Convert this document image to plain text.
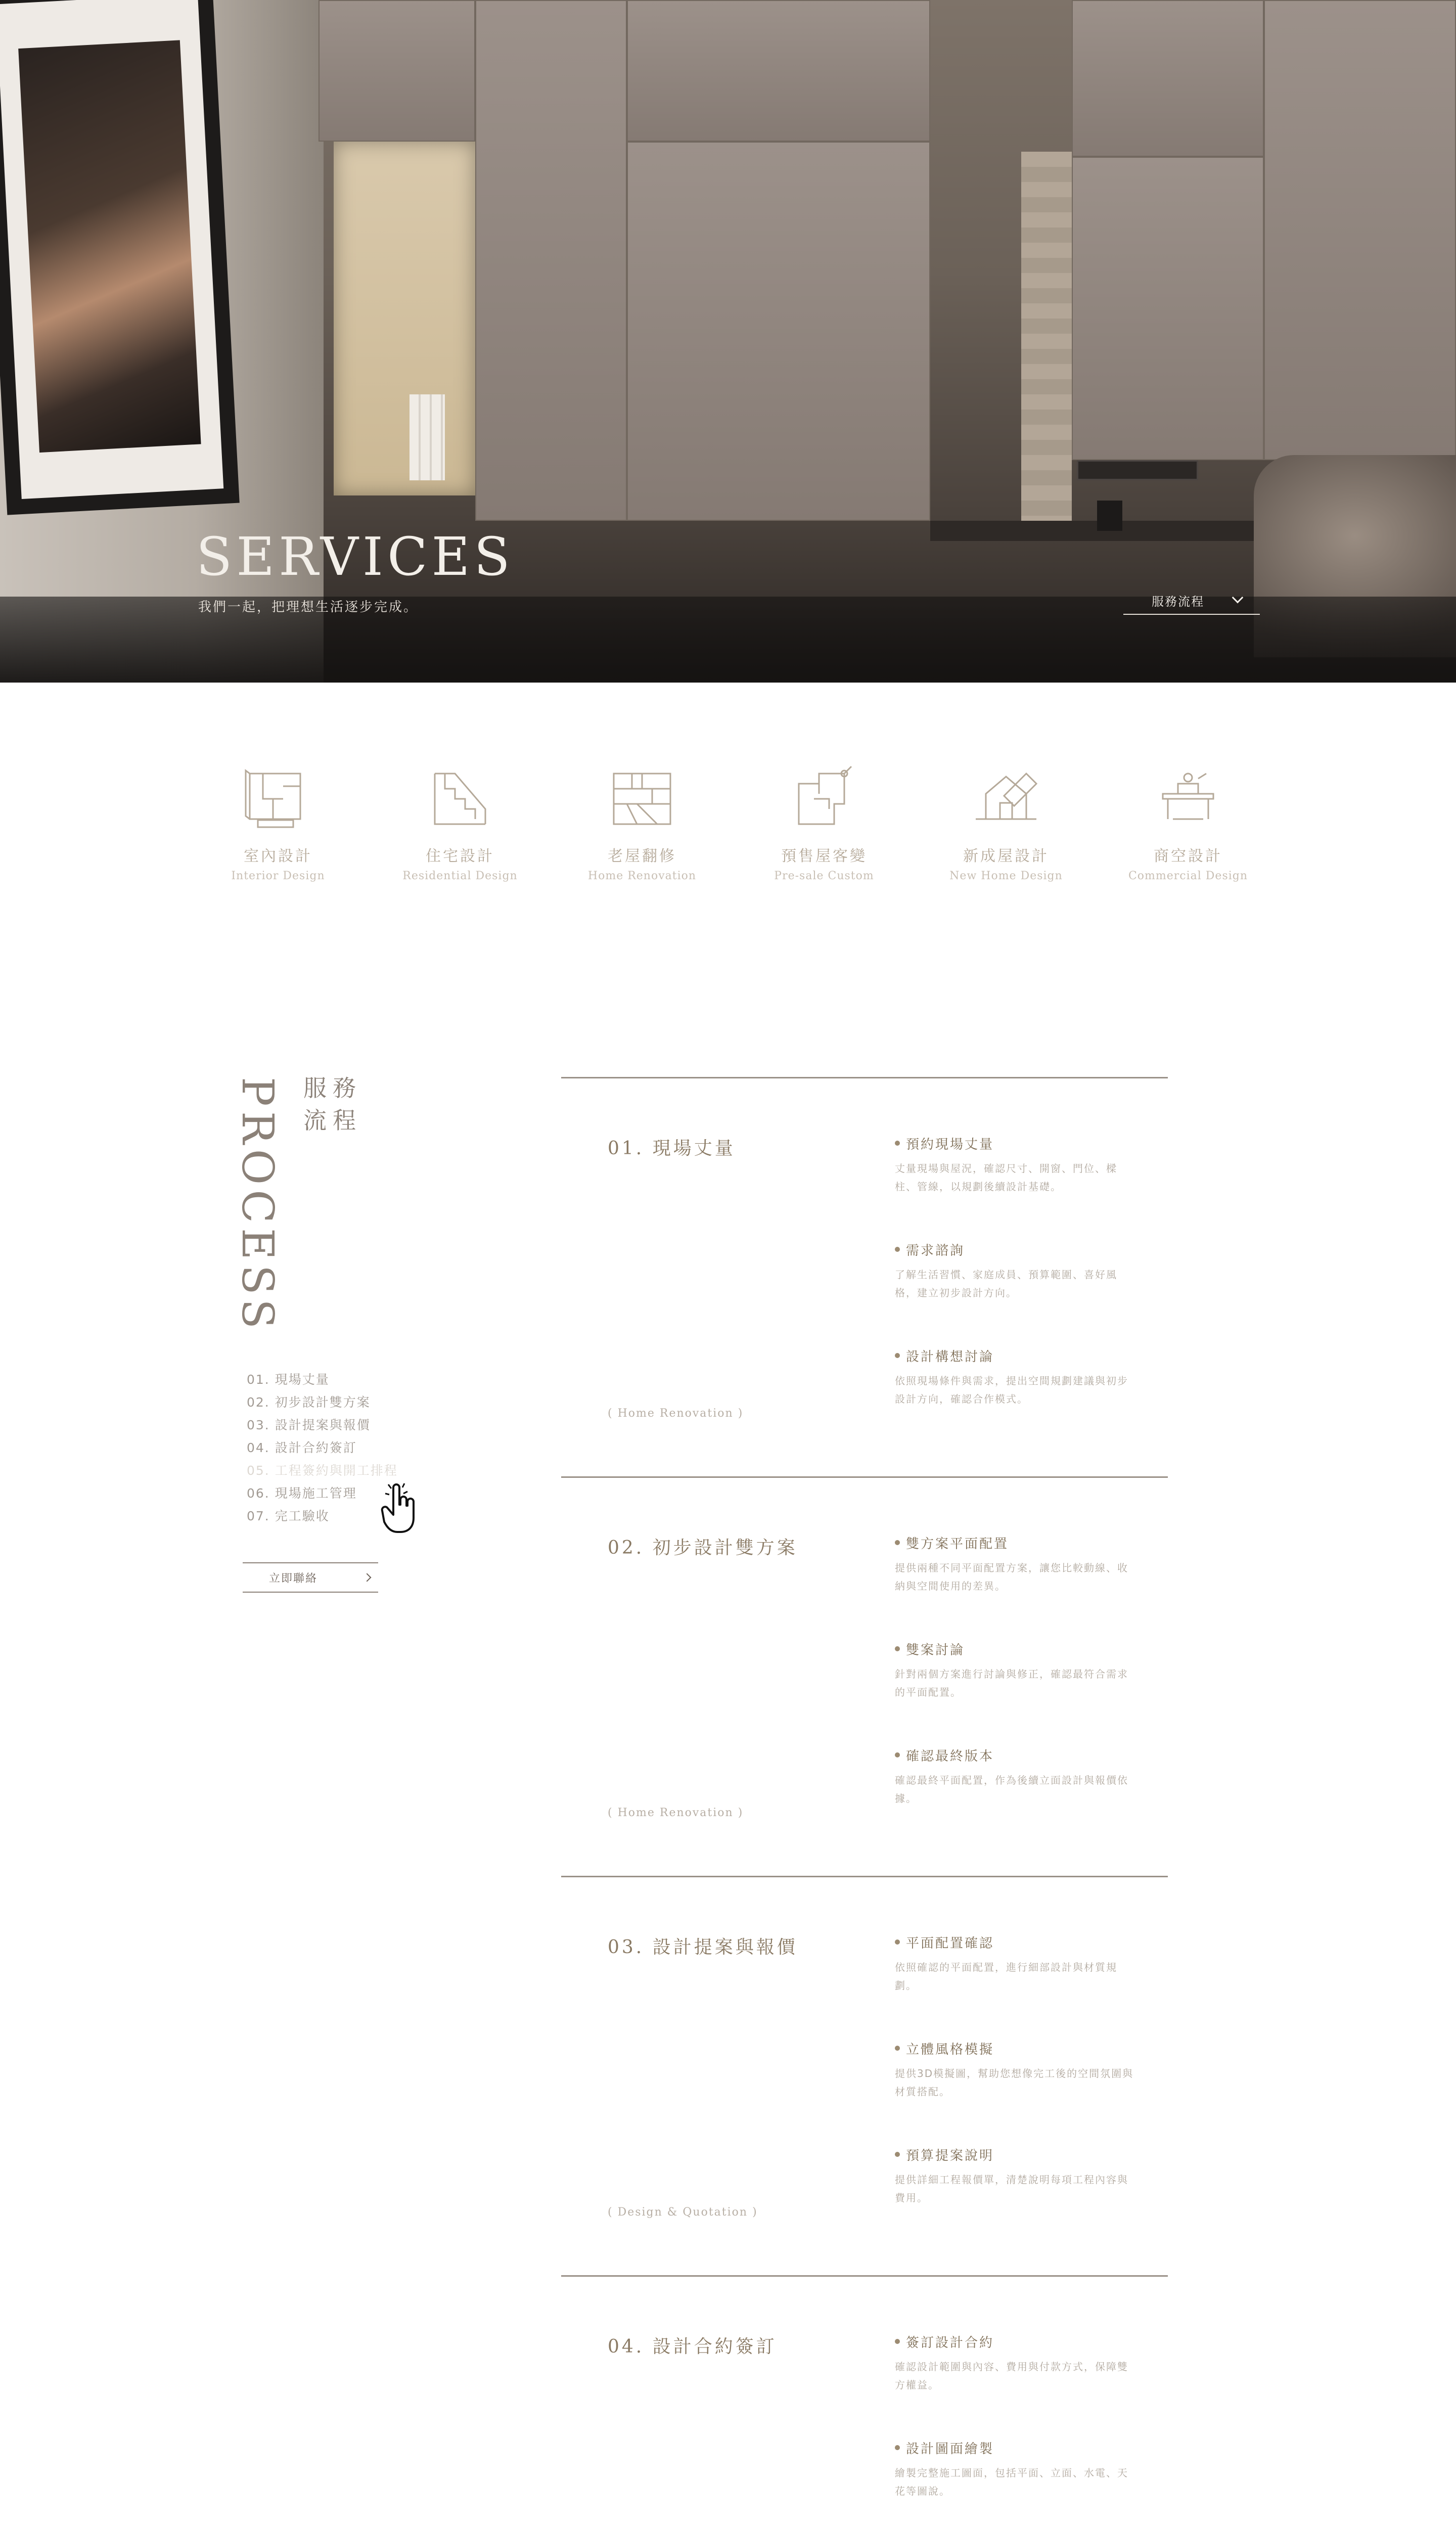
SERVICES
我們一起，把理想生活逐步完成。	服務流程
室內設計
Interior Design
住宅設計
Residential Design
老屋翻修
Home Renovation
預售屋客變
Pre-sale Custom
新成屋設計
New Home Design
商空設計
Commercial Design
PROCESS 服務流程
01. 現場丈量
02. 初步設計雙方案
03. 設計提案與報價
04. 設計合約簽訂
05. 工程簽約與開工排程
06. 現場施工管理
07. 完工驗收
立即聯絡
01. 現場丈量
( Home Renovation )
預約現場丈量
丈量現場與屋況，確認尺寸、開窗、門位、樑柱、管線，以規劃後續設計基礎。
需求諮詢
了解生活習慣、家庭成員、預算範圍、喜好風格，建立初步設計方向。
設計構想討論
依照現場條件與需求，提出空間規劃建議與初步設計方向，確認合作模式。
02. 初步設計雙方案
( Home Renovation )
雙方案平面配置
提供兩種不同平面配置方案，讓您比較動線、收納與空間使用的差異。
雙案討論
針對兩個方案進行討論與修正，確認最符合需求的平面配置。
確認最終版本
確認最終平面配置，作為後續立面設計與報價依據。
03. 設計提案與報價
( Design & Quotation )
平面配置確認
依照確認的平面配置，進行細部設計與材質規劃。
立體風格模擬
提供3D模擬圖，幫助您想像完工後的空間氛圍與材質搭配。
預算提案說明
提供詳細工程報價單，清楚說明每項工程內容與費用。
04. 設計合約簽訂	簽訂設計合約
確認設計範圍與內容、費用與付款方式，保障雙方權益。
設計圖面繪製
繪製完整施工圖面，包括平面、立面、水電、天花等圖說。
